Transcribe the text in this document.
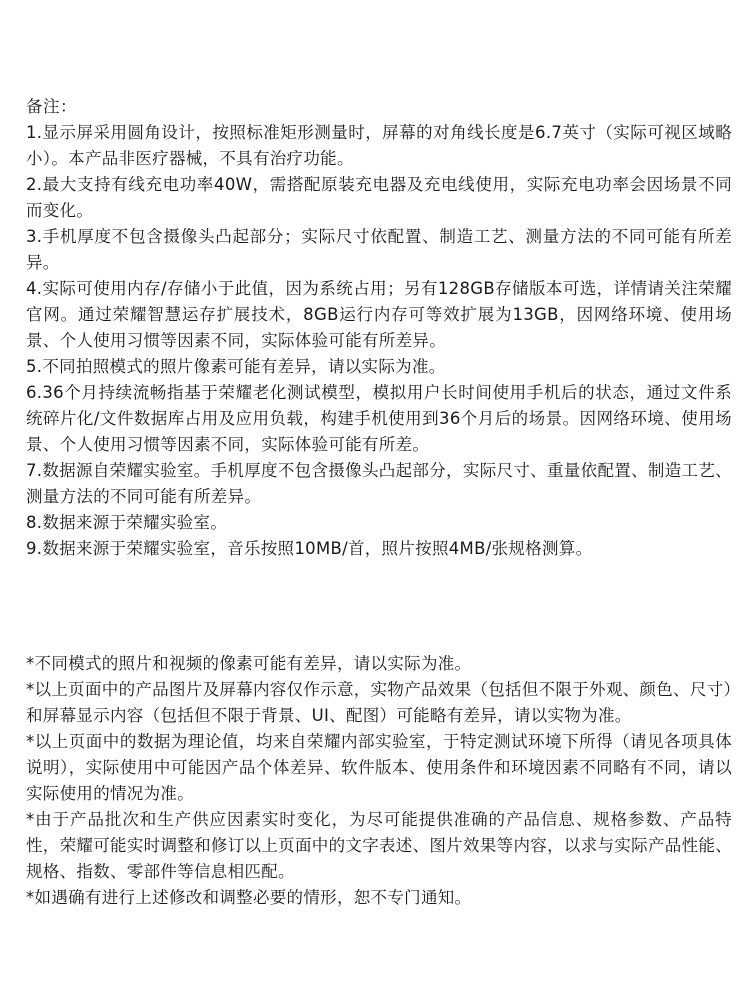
备注：

1.显示屏采用圆角设计，按照标准矩形测量时，屏幕的对角线长度是6.7英寸（实际可视区域略小）。本产品非医疗器械，不具有治疗功能。

2.最大支持有线充电功率40W，需搭配原装充电器及充电线使用，实际充电功率会因场景不同而变化。

3.手机厚度不包含摄像头凸起部分；实际尺寸依配置、制造工艺、测量方法的不同可能有所差异。

4.实际可使用内存/存储小于此值，因为系统占用；另有128GB存储版本可选，详情请关注荣耀官网。通过荣耀智慧运存扩展技术，8GB运行内存可等效扩展为13GB，因网络环境、使用场景、个人使用习惯等因素不同，实际体验可能有所差异。

5.不同拍照模式的照片像素可能有差异，请以实际为准。

6.36个月持续流畅指基于荣耀老化测试模型，模拟用户长时间使用手机后的状态，通过文件系统碎片化/文件数据库占用及应用负载，构建手机使用到36个月后的场景。因网络环境、使用场景、个人使用习惯等因素不同，实际体验可能有所差。

7.数据源自荣耀实验室。手机厚度不包含摄像头凸起部分，实际尺寸、重量依配置、制造工艺、测量方法的不同可能有所差异。

8.数据来源于荣耀实验室。

9.数据来源于荣耀实验室，音乐按照10MB/首，照片按照4MB/张规格测算。

*不同模式的照片和视频的像素可能有差异，请以实际为准。

*以上页面中的产品图片及屏幕内容仅作示意，实物产品效果（包括但不限于外观、颜色、尺寸）和屏幕显示内容（包括但不限于背景、UI、配图）可能略有差异，请以实物为准。

*以上页面中的数据为理论值，均来自荣耀内部实验室，于特定测试环境下所得（请见各项具体说明），实际使用中可能因产品个体差异、软件版本、使用条件和环境因素不同略有不同，请以实际使用的情况为准。

*由于产品批次和生产供应因素实时变化，为尽可能提供准确的产品信息、规格参数、产品特性，荣耀可能实时调整和修订以上页面中的文字表述、图片效果等内容，以求与实际产品性能、规格、指数、零部件等信息相匹配。

*如遇确有进行上述修改和调整必要的情形，恕不专门通知。
